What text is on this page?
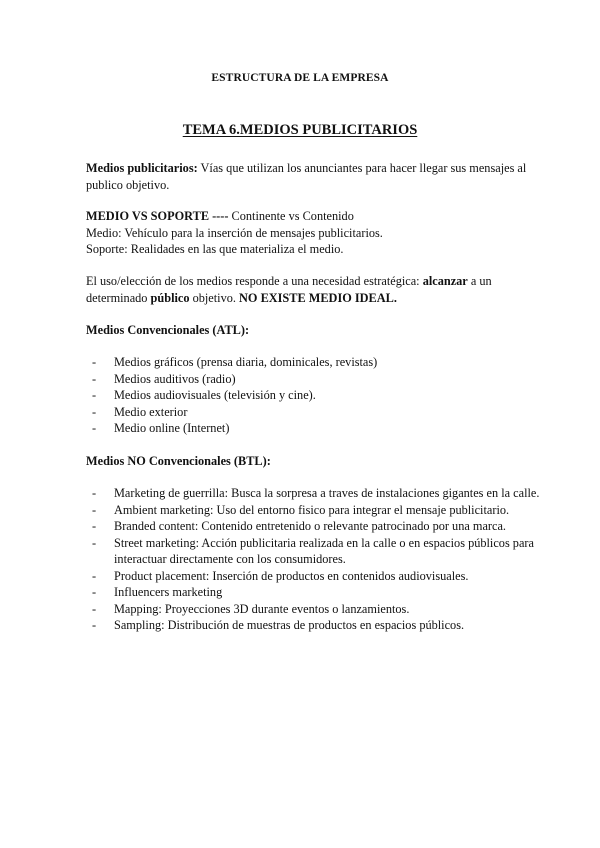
ESTRUCTURA DE LA EMPRESA
TEMA 6.MEDIOS PUBLICITARIOS

Medios publicitarios: Vías que utilizan los anunciantes para hacer llegar sus mensajes al publico objetivo.

MEDIO VS SOPORTE ---- Continente vs Contenido

Medio: Vehículo para la inserción de mensajes publicitarios.

Soporte: Realidades en las que materializa el medio.

El uso/elección de los medios responde a una necesidad estratégica: alcanzar a un determinado público objetivo. NO EXISTE MEDIO IDEAL.

Medios Convencionales (ATL):

- Medios gráficos (prensa diaria, dominicales, revistas)
- Medios auditivos (radio)
- Medios audiovisuales (televisión y cine).
- Medio exterior
- Medio online (Internet)

Medios NO Convencionales (BTL):

- Marketing de guerrilla: Busca la sorpresa a traves de instalaciones gigantes en la calle.
- Ambient marketing: Uso del entorno fisico para integrar el mensaje publicitario.
- Branded content: Contenido entretenido o relevante patrocinado por una marca.
- Street marketing: Acción publicitaria realizada en la calle o en espacios públicos para interactuar directamente con los consumidores.
- Product placement: Inserción de productos en contenidos audiovisuales.
- Influencers marketing
- Mapping: Proyecciones 3D durante eventos o lanzamientos.
- Sampling: Distribución de muestras de productos en espacios públicos.
